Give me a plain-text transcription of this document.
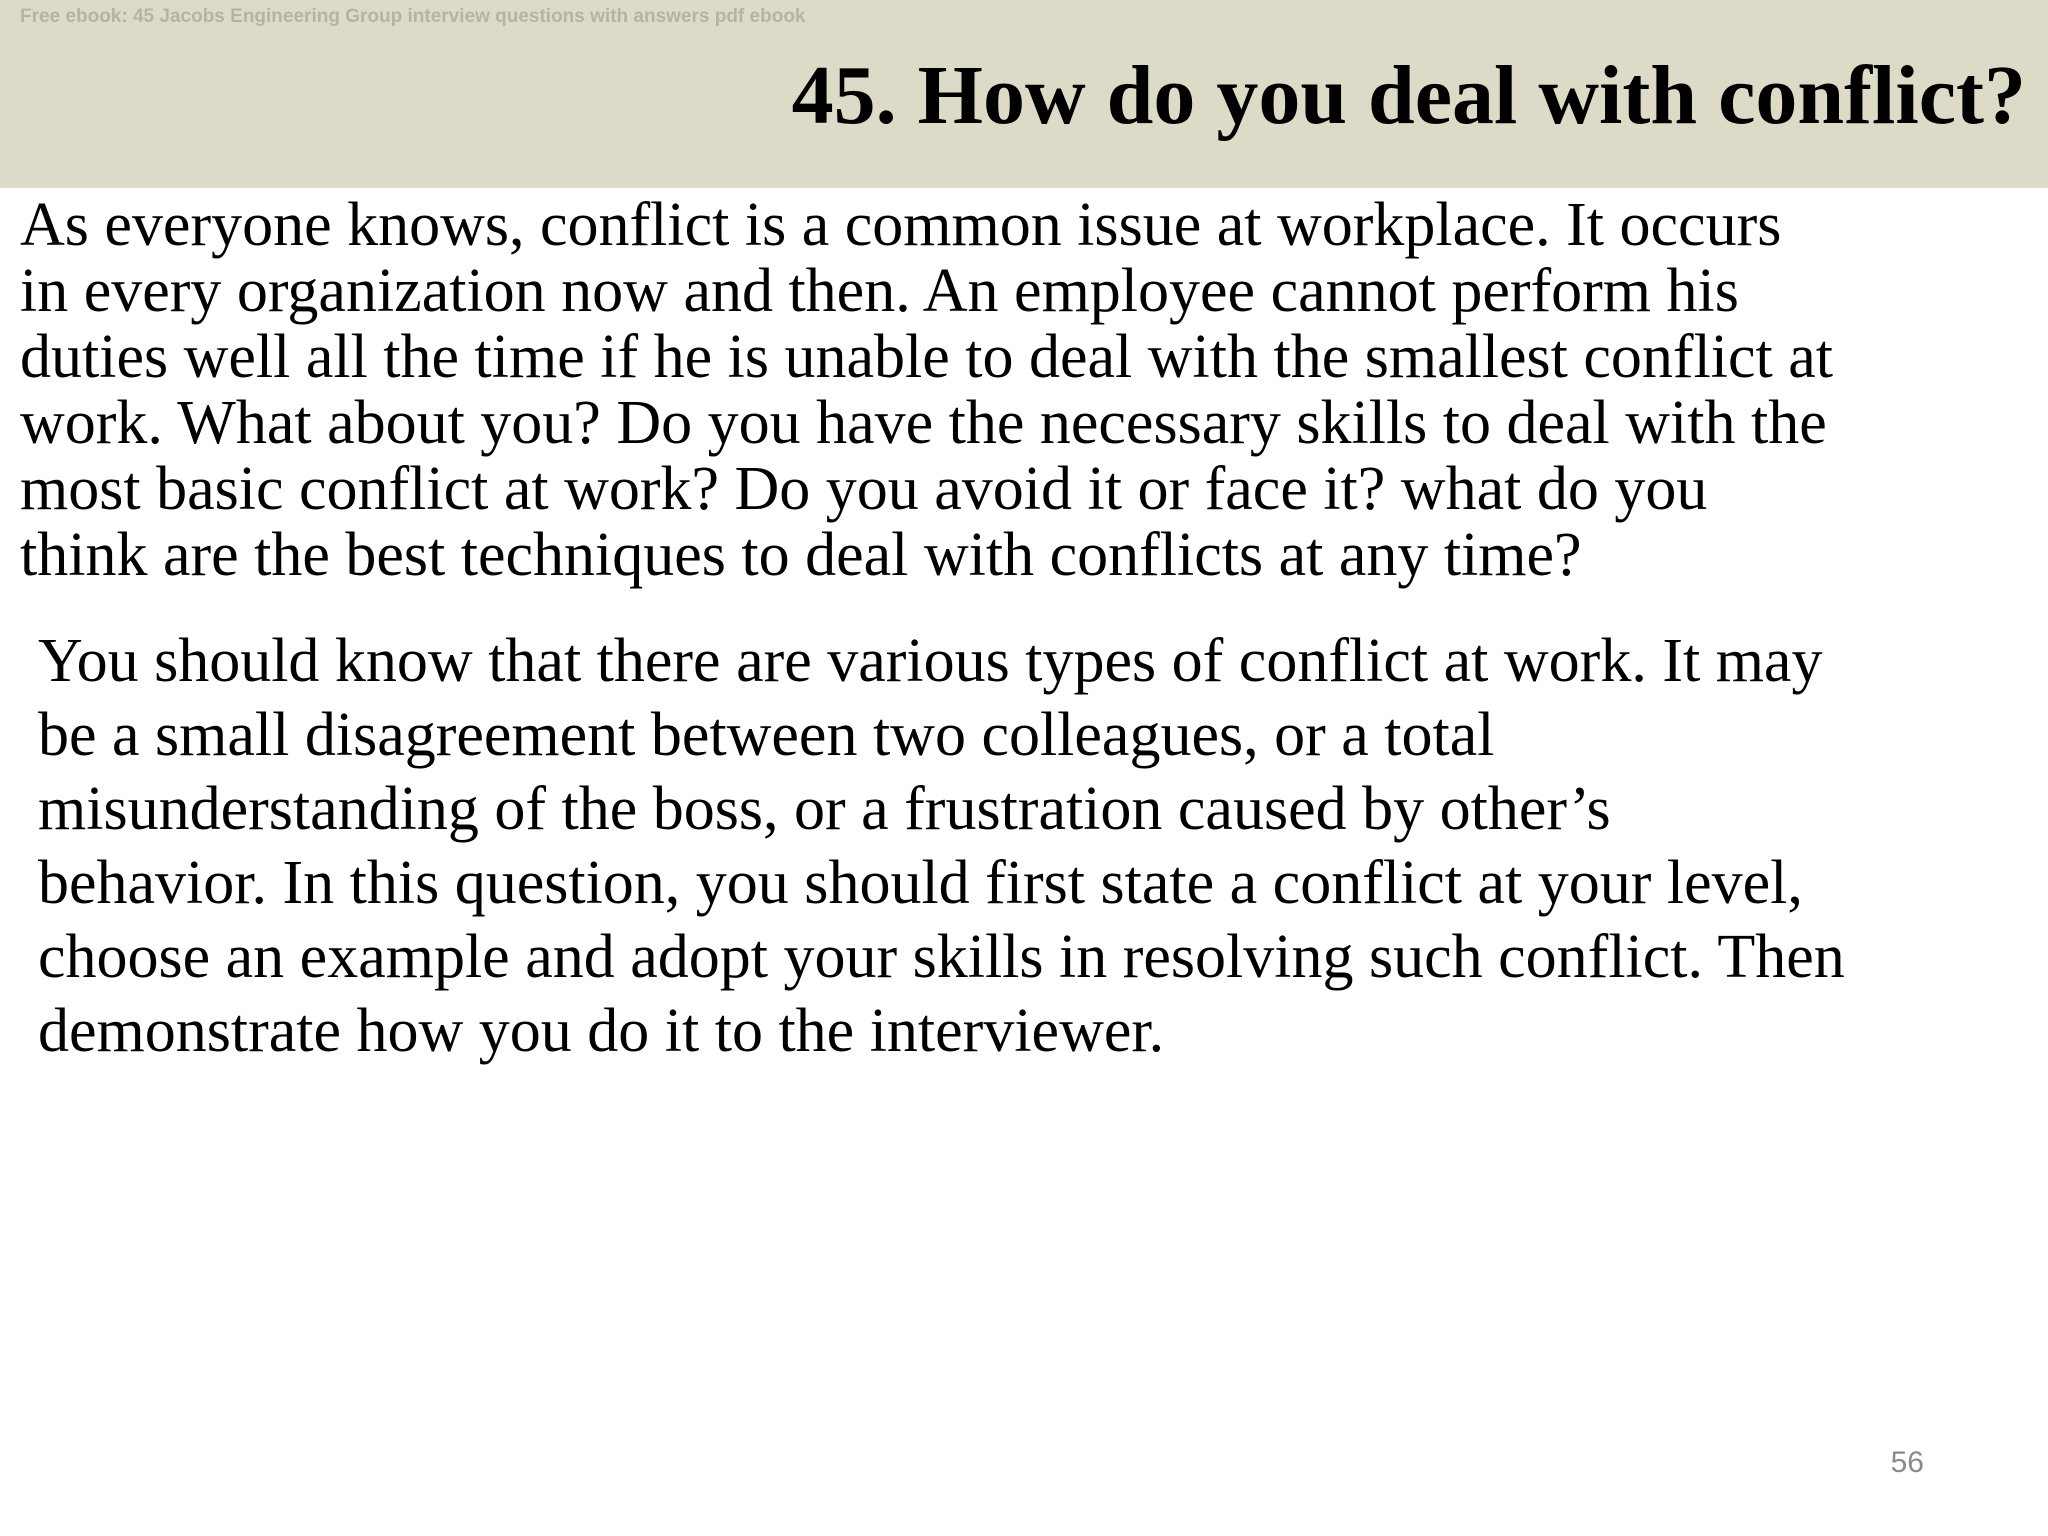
Free ebook: 45 Jacobs Engineering Group interview questions with answers pdf ebook
45. How do you deal with conflict?
As everyone knows, conflict is a common issue at workplace. It occurs
in every organization now and then. An employee cannot perform his
duties well all the time if he is unable to deal with the smallest conflict at
work. What about you? Do you have the necessary skills to deal with the
most basic conflict at work? Do you avoid it or face it? what do you
think are the best techniques to deal with conflicts at any time?
You should know that there are various types of conflict at work. It may
be a small disagreement between two colleagues, or a total
misunderstanding of the boss, or a frustration caused by other’s
behavior. In this question, you should first state a conflict at your level,
choose an example and adopt your skills in resolving such conflict. Then
demonstrate how you do it to the interviewer.
56
